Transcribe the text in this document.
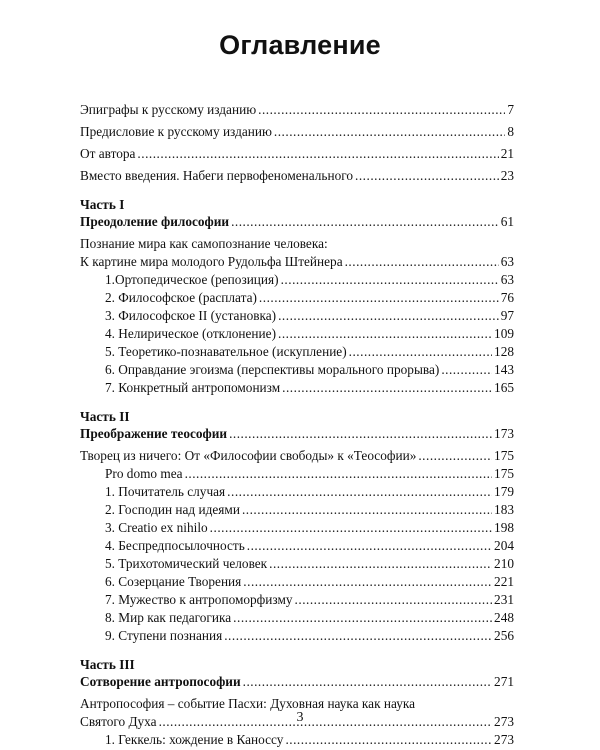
Оглавление
Эпиграфы к русскому изданию .....	7
Предисловие к русскому изданию .....	8
От автора .....	21
Вместо введения. Набеги первофеноменального .....	23
Часть I
Преодоление философии .....	61
Познание мира как самопознание человека:
К картине мира молодого Рудольфа Штейнера .....	63
1.Ортопедическое (репозиция) .....	63
2. Философское (расплата) .....	76
3. Философское II (установка) .....	97
4. Нелирическое (отклонение) .....	109
5. Теоретико-познавательное (искупление) .....	128
6. Оправдание эгоизма (перспективы морального прорыва) .....	143
7. Конкретный антропомонизм .....	165
Часть II
Преображение теософии .....	173
Творец из ничего: От «Философии свободы» к «Теософии» .....	175
Pro domo mea .....	175
1. Почитатель случая .....	179
2. Господин над идеями .....	183
3. Creatio ex nihilo .....	198
4. Беспредпосылочность .....	204
5. Трихотомический человек .....	210
6. Созерцание Творения .....	221
7. Мужество к антропоморфизму .....	231
8. Мир как педагогика .....	248
9. Ступени познания .....	256
Часть III
Сотворение антропософии .....	271
Антропософия – событие Пасхи: Духовная наука как наука
Святого Духа .....	273
1. Геккель: хождение в Каноссу .....	273
3
